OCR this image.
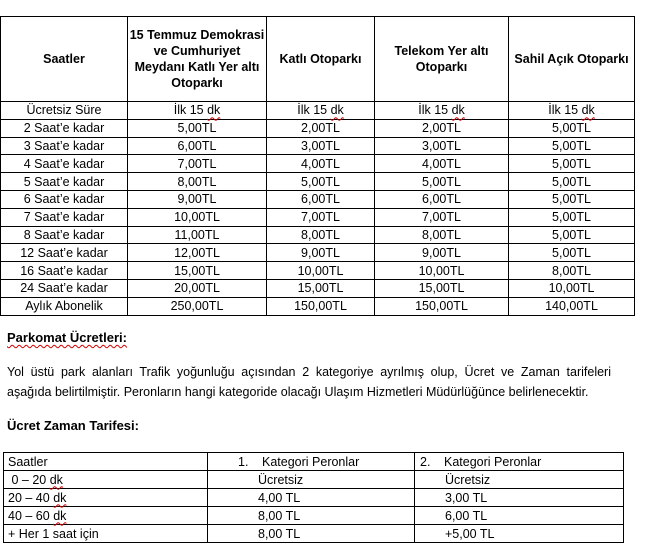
Saatler	15 Temmuz Demokrasi ve Cumhuriyet Meydanı Katlı Yer altı Otoparkı	Katlı Otoparkı	Telekom Yer altı Otoparkı	Sahil Açık Otoparkı
Ücretsiz Süre	İlk 15 dk	İlk 15 dk	İlk 15 dk	İlk 15 dk
2 Saat’e kadar	5,00TL	2,00TL	2,00TL	5,00TL
3 Saat’e kadar	6,00TL	3,00TL	3,00TL	5,00TL
4 Saat’e kadar	7,00TL	4,00TL	4,00TL	5,00TL
5 Saat’e kadar	8,00TL	5,00TL	5,00TL	5,00TL
6 Saat’e kadar	9,00TL	6,00TL	6,00TL	5,00TL
7 Saat’e kadar	10,00TL	7,00TL	7,00TL	5,00TL
8 Saat’e kadar	11,00TL	8,00TL	8,00TL	5,00TL
12 Saat’e kadar	12,00TL	9,00TL	9,00TL	5,00TL
16 Saat’e kadar	15,00TL	10,00TL	10,00TL	8,00TL
24 Saat’e kadar	20,00TL	15,00TL	15,00TL	10,00TL
Aylık Abonelik	250,00TL	150,00TL	150,00TL	140,00TL
Parkomat Ücretleri:
Yol üstü park alanları Trafik yoğunluğu açısından 2 kategoriye ayrılmış olup, Ücret ve Zaman tarifeleri aşağıda belirtilmiştir. Peronların hangi kategoride olacağı Ulaşım Hizmetleri Müdürlüğünce belirlenecektir.
Ücret Zaman Tarifesi:
Saatler	1. Kategori Peronlar	2. Kategori Peronlar
0 – 20 dk	Ücretsiz	Ücretsiz
20 – 40 dk	4,00 TL	3,00 TL
40 – 60 dk	8,00 TL	6,00 TL
+ Her 1 saat için	8,00 TL	+5,00 TL
